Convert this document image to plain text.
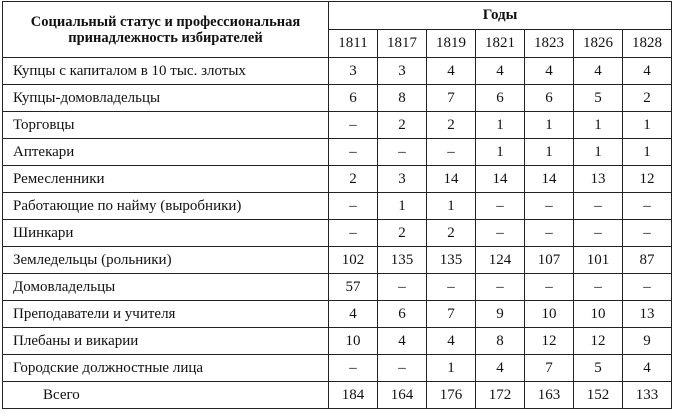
Социальный статус и профессиональная принадлежность избирателей	Годы						
	1811	1817	1819	1821	1823	1826	1828
Купцы с капиталом в 10 тыс. злотых	3	3	4	4	4	4	4
Купцы-домовладельцы	6	8	7	6	6	5	2
Торговцы	–	2	2	1	1	1	1
Аптекари	–	–	–	1	1	1	1
Ремесленники	2	3	14	14	14	13	12
Работающие по найму (выробники)	–	1	1	–	–	–	–
Шинкари	–	2	2	–	–	–	–
Земледельцы (рольники)	102	135	135	124	107	101	87
Домовладельцы	57	–	–	–	–	–	–
Преподаватели и учителя	4	6	7	9	10	10	13
Плебаны и викарии	10	4	4	8	12	12	9
Городские должностные лица	–	–	1	4	7	5	4
Всего	184	164	176	172	163	152	133
